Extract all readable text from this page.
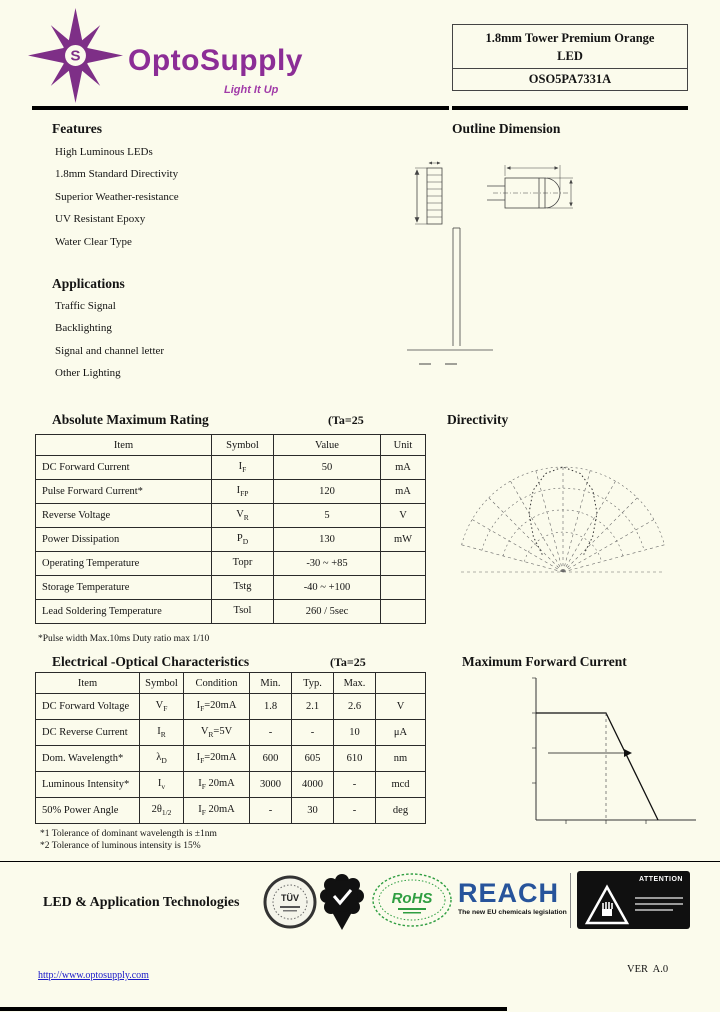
S OptoSupply
Light It Up
1.8mm Tower Premium Orange LED
OSO5PA7331A
Features
High Luminous LEDs
1.8mm Standard Directivity
Superior Weather-resistance
UV Resistant Epoxy
Water Clear Type
Outline Dimension
Applications
Traffic Signal
Backlighting
Signal and channel letter
Other Lighting
Absolute Maximum Rating	(Ta=25	Directivity
Item	Symbol	Value	Unit
DC Forward Current	$I_F$	50	mA
Pulse Forward Current*	$I_{FP}$	120	mA
Reverse Voltage	$V_R$	5	V
Power Dissipation	$P_D$	130	mW
Operating Temperature	Topr	-30 ~ +85	
Storage Temperature	Tstg	-40 ~ +100	
Lead Soldering Temperature	Tsol	260 / 5sec	
*Pulse width Max.10ms Duty ratio max 1/10
Electrical -Optical Characteristics	(Ta=25	Maximum Forward Current
Item	Symbol	Condition	Min.	Typ.	Max.	
DC Forward Voltage	$V_F$	$I_F=20mA$	1.8	2.1	2.6	V
DC Reverse Current	$I_R$	$V_R=5V$	-	-	10	μA
Dom. Wavelength*	$\lambda_D$	$I_F=20mA$	600	605	610	nm
Luminous Intensity*	$I_v$	$I_F$ 20mA	3000	4000	-	mcd
50% Power Angle	$2\theta_{1/2}$	$I_F$ 20mA	-	30	-	deg
*1 Tolerance of dominant wavelength is ±1nm
*2 Tolerance of luminous intensity is 15%
LED & Application Technologies	TÜV	RoHS REACH
The new EU chemicals legislation
ATTENTION
http://www.optosupply.com
VER  A.0
